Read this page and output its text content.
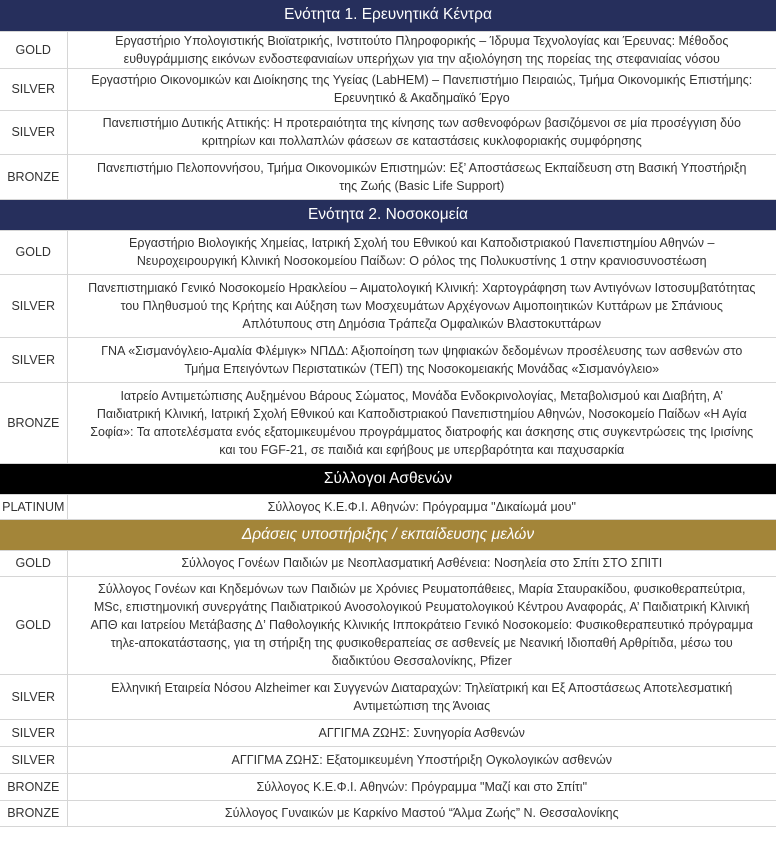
Ενότητα 1. Ερευνητικά Κέντρα	
GOLD	Εργαστήριο Υπολογιστικής Βιοϊατρικής, Ινστιτούτο Πληροφορικής – Ίδρυμα Τεχνολογίας και Έρευνας: Μέθοδος
ευθυγράμμισης εικόνων ενδοστεφανιαίων υπερήχων για την αξιολόγηση της πορείας της στεφανιαίας νόσου

SILVER	Εργαστήριο Οικονομικών και Διοίκησης της Υγείας (LabHEM) – Πανεπιστήμιο Πειραιώς, Τμήμα Οικονομικής Επιστήμης:
Ερευνητικό & Ακαδημαϊκό Έργο

SILVER	Πανεπιστήμιο Δυτικής Αττικής: Η προτεραιότητα της κίνησης των ασθενοφόρων βασιζόμενοι σε μία προσέγγιση δύο
κριτηρίων και πολλαπλών φάσεων σε καταστάσεις κυκλοφοριακής συμφόρησης

BRONZE	Πανεπιστήμιο Πελοποννήσου, Τμήμα Οικονομικών Επιστημών: Εξ’ Αποστάσεως Εκπαίδευση στη Βασική Υποστήριξη
της Ζωής (Basic Life Support)

Ενότητα 2. Νοσοκομεία	
GOLD	Εργαστήριο Βιολογικής Χημείας, Ιατρική Σχολή του Εθνικού και Καποδιστριακού Πανεπιστημίου Αθηνών –
Νευροχειρουργική Κλινική Νοσοκομείου Παίδων: Ο ρόλος της Πολυκυστίνης 1 στην κρανιοσυνοστέωση

SILVER	Πανεπιστημιακό Γενικό Νοσοκομείο Ηρακλείου – Αιματολογική Κλινική: Χαρτογράφηση των Αντιγόνων Ιστοσυμβατότητας
του Πληθυσμού της Κρήτης και Αύξηση των Μοσχευμάτων Αρχέγονων Αιμοποιητικών Κυττάρων με Σπάνιους
Απλότυπους στη Δημόσια Τράπεζα Ομφαλικών Βλαστοκυττάρων

SILVER	ΓΝΑ «Σισμανόγλειο-Αμαλία Φλέμιγκ» ΝΠΔΔ: Αξιοποίηση των ψηφιακών δεδομένων προσέλευσης των ασθενών στο
Τμήμα Επειγόντων Περιστατικών (ΤΕΠ) της Νοσοκομειακής Μονάδας «Σισμανόγλειο»

BRONZE	Ιατρείο Αντιμετώπισης Αυξημένου Βάρους Σώματος, Μονάδα Ενδοκρινολογίας, Μεταβολισμού και Διαβήτη, Α’
Παιδιατρική Κλινική, Ιατρική Σχολή Εθνικού και Καποδιστριακού Πανεπιστημίου Αθηνών, Νοσοκομείο Παίδων «Η Αγία
Σοφία»: Τα αποτελέσματα ενός εξατομικευμένου προγράμματος διατροφής και άσκησης στις συγκεντρώσεις της Ιρισίνης
και του FGF-21, σε παιδιά και εφήβους με υπερβαρότητα και παχυσαρκία

Σύλλογοι Ασθενών	
PLATINUM	Σύλλογος Κ.Ε.Φ.Ι. Αθηνών: Πρόγραμμα "Δικαίωμά μου"

Δράσεις υποστήριξης / εκπαίδευσης μελών	
GOLD	Σύλλογος Γονέων Παιδιών με Νεοπλασματική Ασθένεια: Νοσηλεία στο Σπίτι ΣΤΟ ΣΠΙΤΙ

GOLD	Σύλλογος Γονέων και Κηδεμόνων των Παιδιών με Χρόνιες Ρευματοπάθειες, Μαρία Σταυρακίδου, φυσικοθεραπεύτρια,
MSc, επιστημονική συνεργάτης Παιδιατρικού Ανοσολογικού Ρευματολογικού Κέντρου Αναφοράς, Α’ Παιδιατρική Κλινική
ΑΠΘ και Ιατρείου Μετάβασης Δ’ Παθολογικής Κλινικής Ιπποκράτειο Γενικό Νοσοκομείο: Φυσικοθεραπευτικό πρόγραμμα
τηλε-αποκατάστασης, για τη στήριξη της φυσικοθεραπείας σε ασθενείς με Νεανική Ιδιοπαθή Αρθρίτιδα, μέσω του
διαδικτύου Θεσσαλονίκης, Pfizer

SILVER	Ελληνική Εταιρεία Νόσου Alzheimer και Συγγενών Διαταραχών: Τηλεϊατρική και Εξ Αποστάσεως Αποτελεσματική
Αντιμετώπιση της Άνοιας

SILVER	ΑΓΓΙΓΜΑ ΖΩΗΣ: Συνηγορία Ασθενών

SILVER	ΑΓΓΙΓΜΑ ΖΩΗΣ: Εξατομικευμένη Υποστήριξη Ογκολογικών ασθενών

BRONZE	Σύλλογος Κ.Ε.Φ.Ι. Αθηνών: Πρόγραμμα "Μαζί και στο Σπίτι"

BRONZE	Σύλλογος Γυναικών με Καρκίνο Μαστού “Άλμα Ζωής” Ν. Θεσσαλονίκης
